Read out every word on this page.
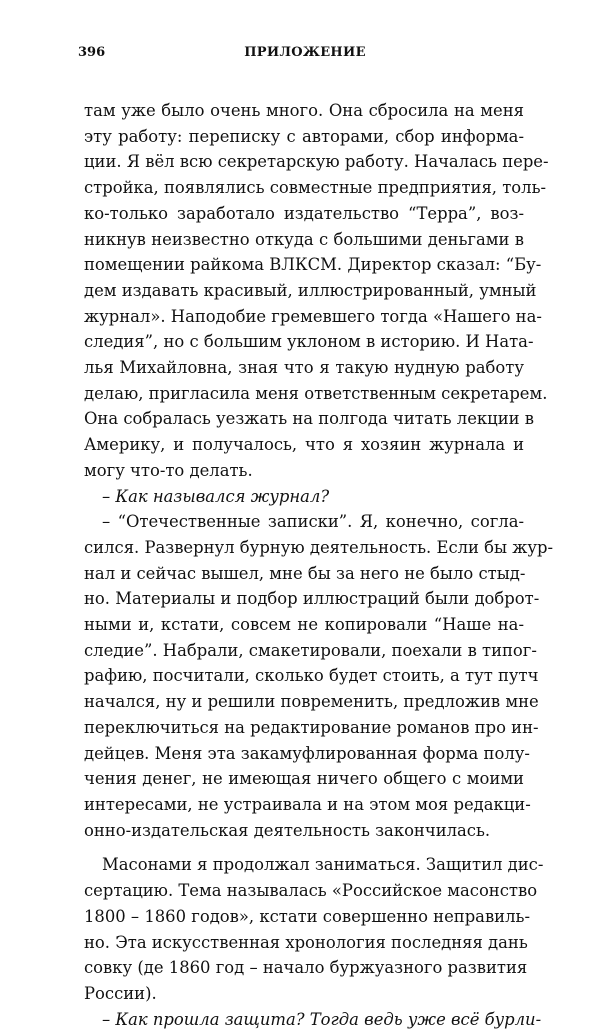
396	ПРИЛОЖЕНИЕ
там уже было очень много. Она сбросила на меня
эту работу: переписку с авторами, сбор информа-
ции. Я вёл всю секретарскую работу. Началась пере-
стройка, появлялись совместные предприятия, толь-
ко-только заработало издательство “Терра”, воз-
никнув неизвестно откуда с большими деньгами в
помещении райкома ВЛКСМ. Директор сказал: “Бу-
дем издавать красивый, иллюстрированный, умный
журнал». Наподобие гремевшего тогда «Нашего на-
следия”, но с большим уклоном в историю. И Ната-
лья Михайловна, зная что я такую нудную работу
делаю, пригласила меня ответственным секретарем.
Она собралась уезжать на полгода читать лекции в
Америку, и получалось, что я хозяин журнала и
могу что-то делать.
– Как назывался журнал?
– “Отечественные записки”. Я, конечно, согла-
сился. Развернул бурную деятельность. Если бы жур-
нал и сейчас вышел, мне бы за него не было стыд-
но. Материалы и подбор иллюстраций были доброт-
ными и, кстати, совсем не копировали “Наше на-
следие”. Набрали, смакетировали, поехали в типог-
рафию, посчитали, сколько будет стоить, а тут путч
начался, ну и решили повременить, предложив мне
переключиться на редактирование романов про ин-
дейцев. Меня эта закамуфлированная форма полу-
чения денег, не имеющая ничего общего с моими
интересами, не устраивала и на этом моя редакци-
онно-издательская деятельность закончилась.
Масонами я продолжал заниматься. Защитил дис-
сертацию. Тема называлась «Российское масонство
1800 – 1860 годов», кстати совершенно неправиль-
но. Эта искусственная хронология последняя дань
совку (де 1860 год – начало буржуазного развития
России).
– Как прошла защита? Тогда ведь уже всё бурли-
